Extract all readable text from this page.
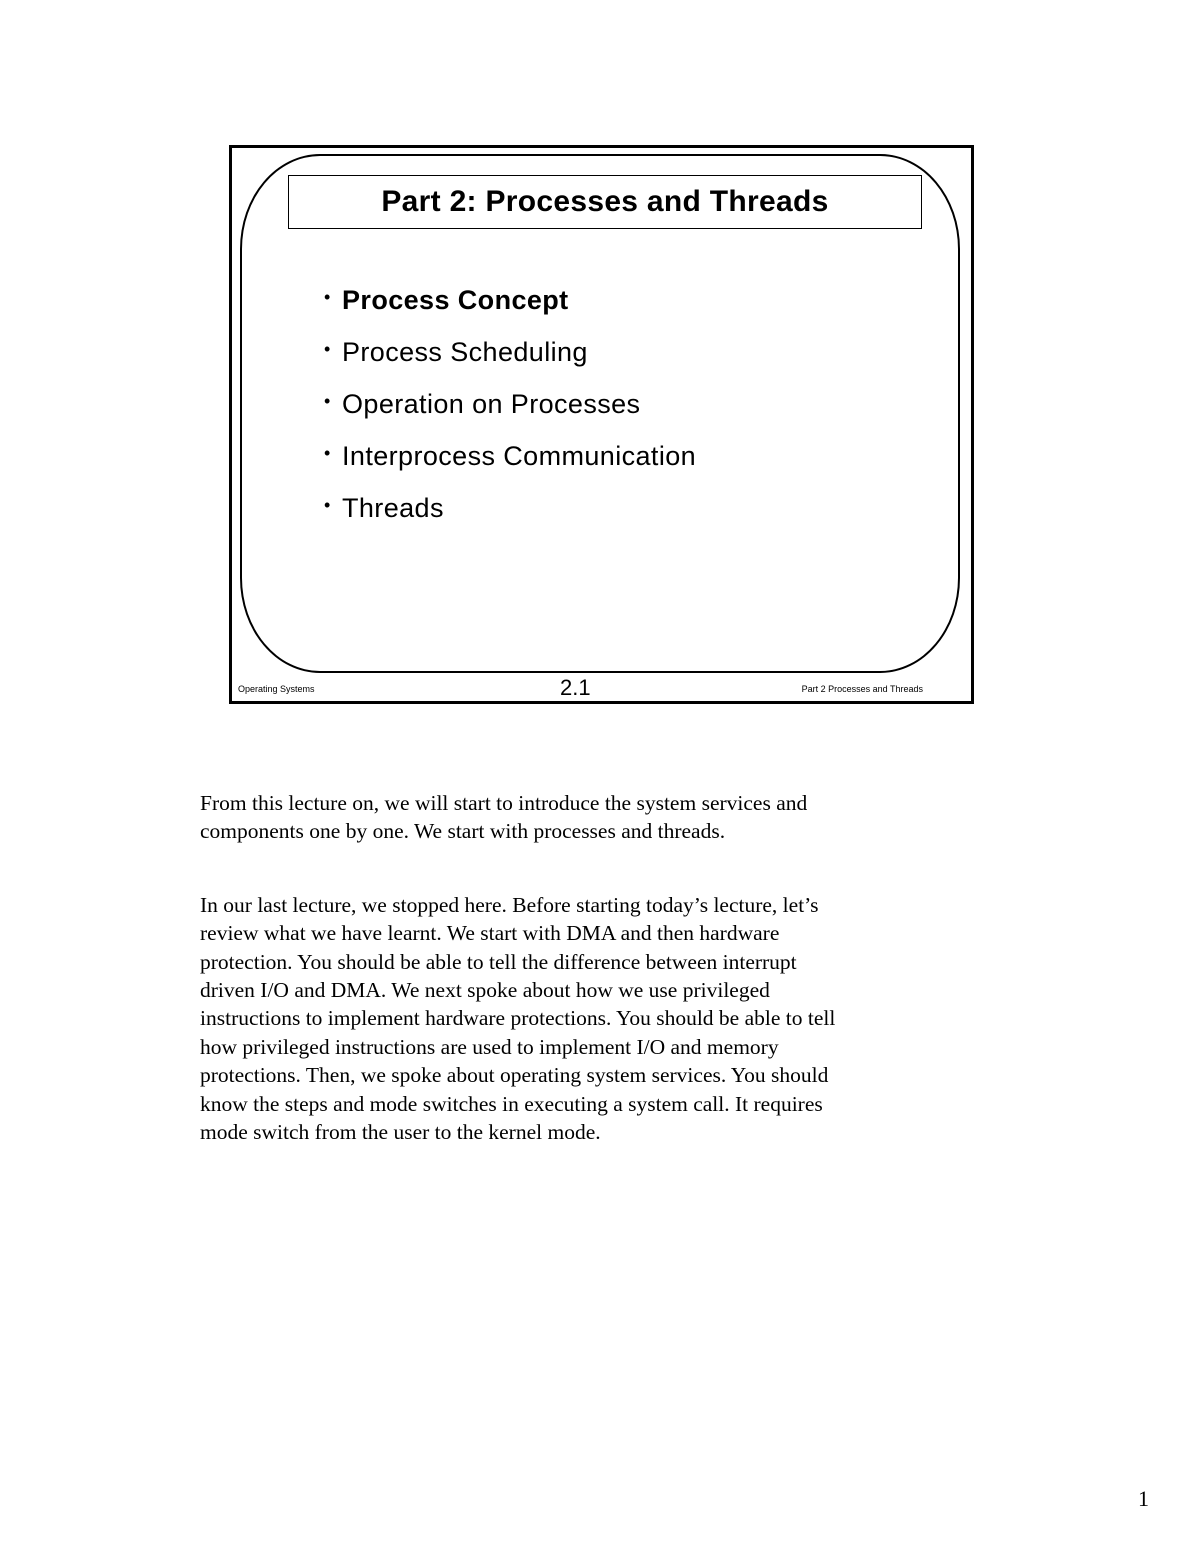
Part 2: Processes and Threads
• Process Concept
• Process Scheduling
• Operation on Processes
• Interprocess Communication
• Threads
Operating Systems	2.1	Part 2 Processes and Threads

From this lecture on, we will start to introduce the system services and components one by one. We start with processes and threads.

In our last lecture, we stopped here. Before starting today’s lecture, let’s review what we have learnt. We start with DMA and then hardware protection. You should be able to tell the difference between interrupt driven I/O and DMA. We next spoke about how we use privileged instructions to implement hardware protections. You should be able to tell how privileged instructions are used to implement I/O and memory protections. Then, we spoke about operating system services. You should know the steps and mode switches in executing a system call. It requires mode switch from the user to the kernel mode.

1
